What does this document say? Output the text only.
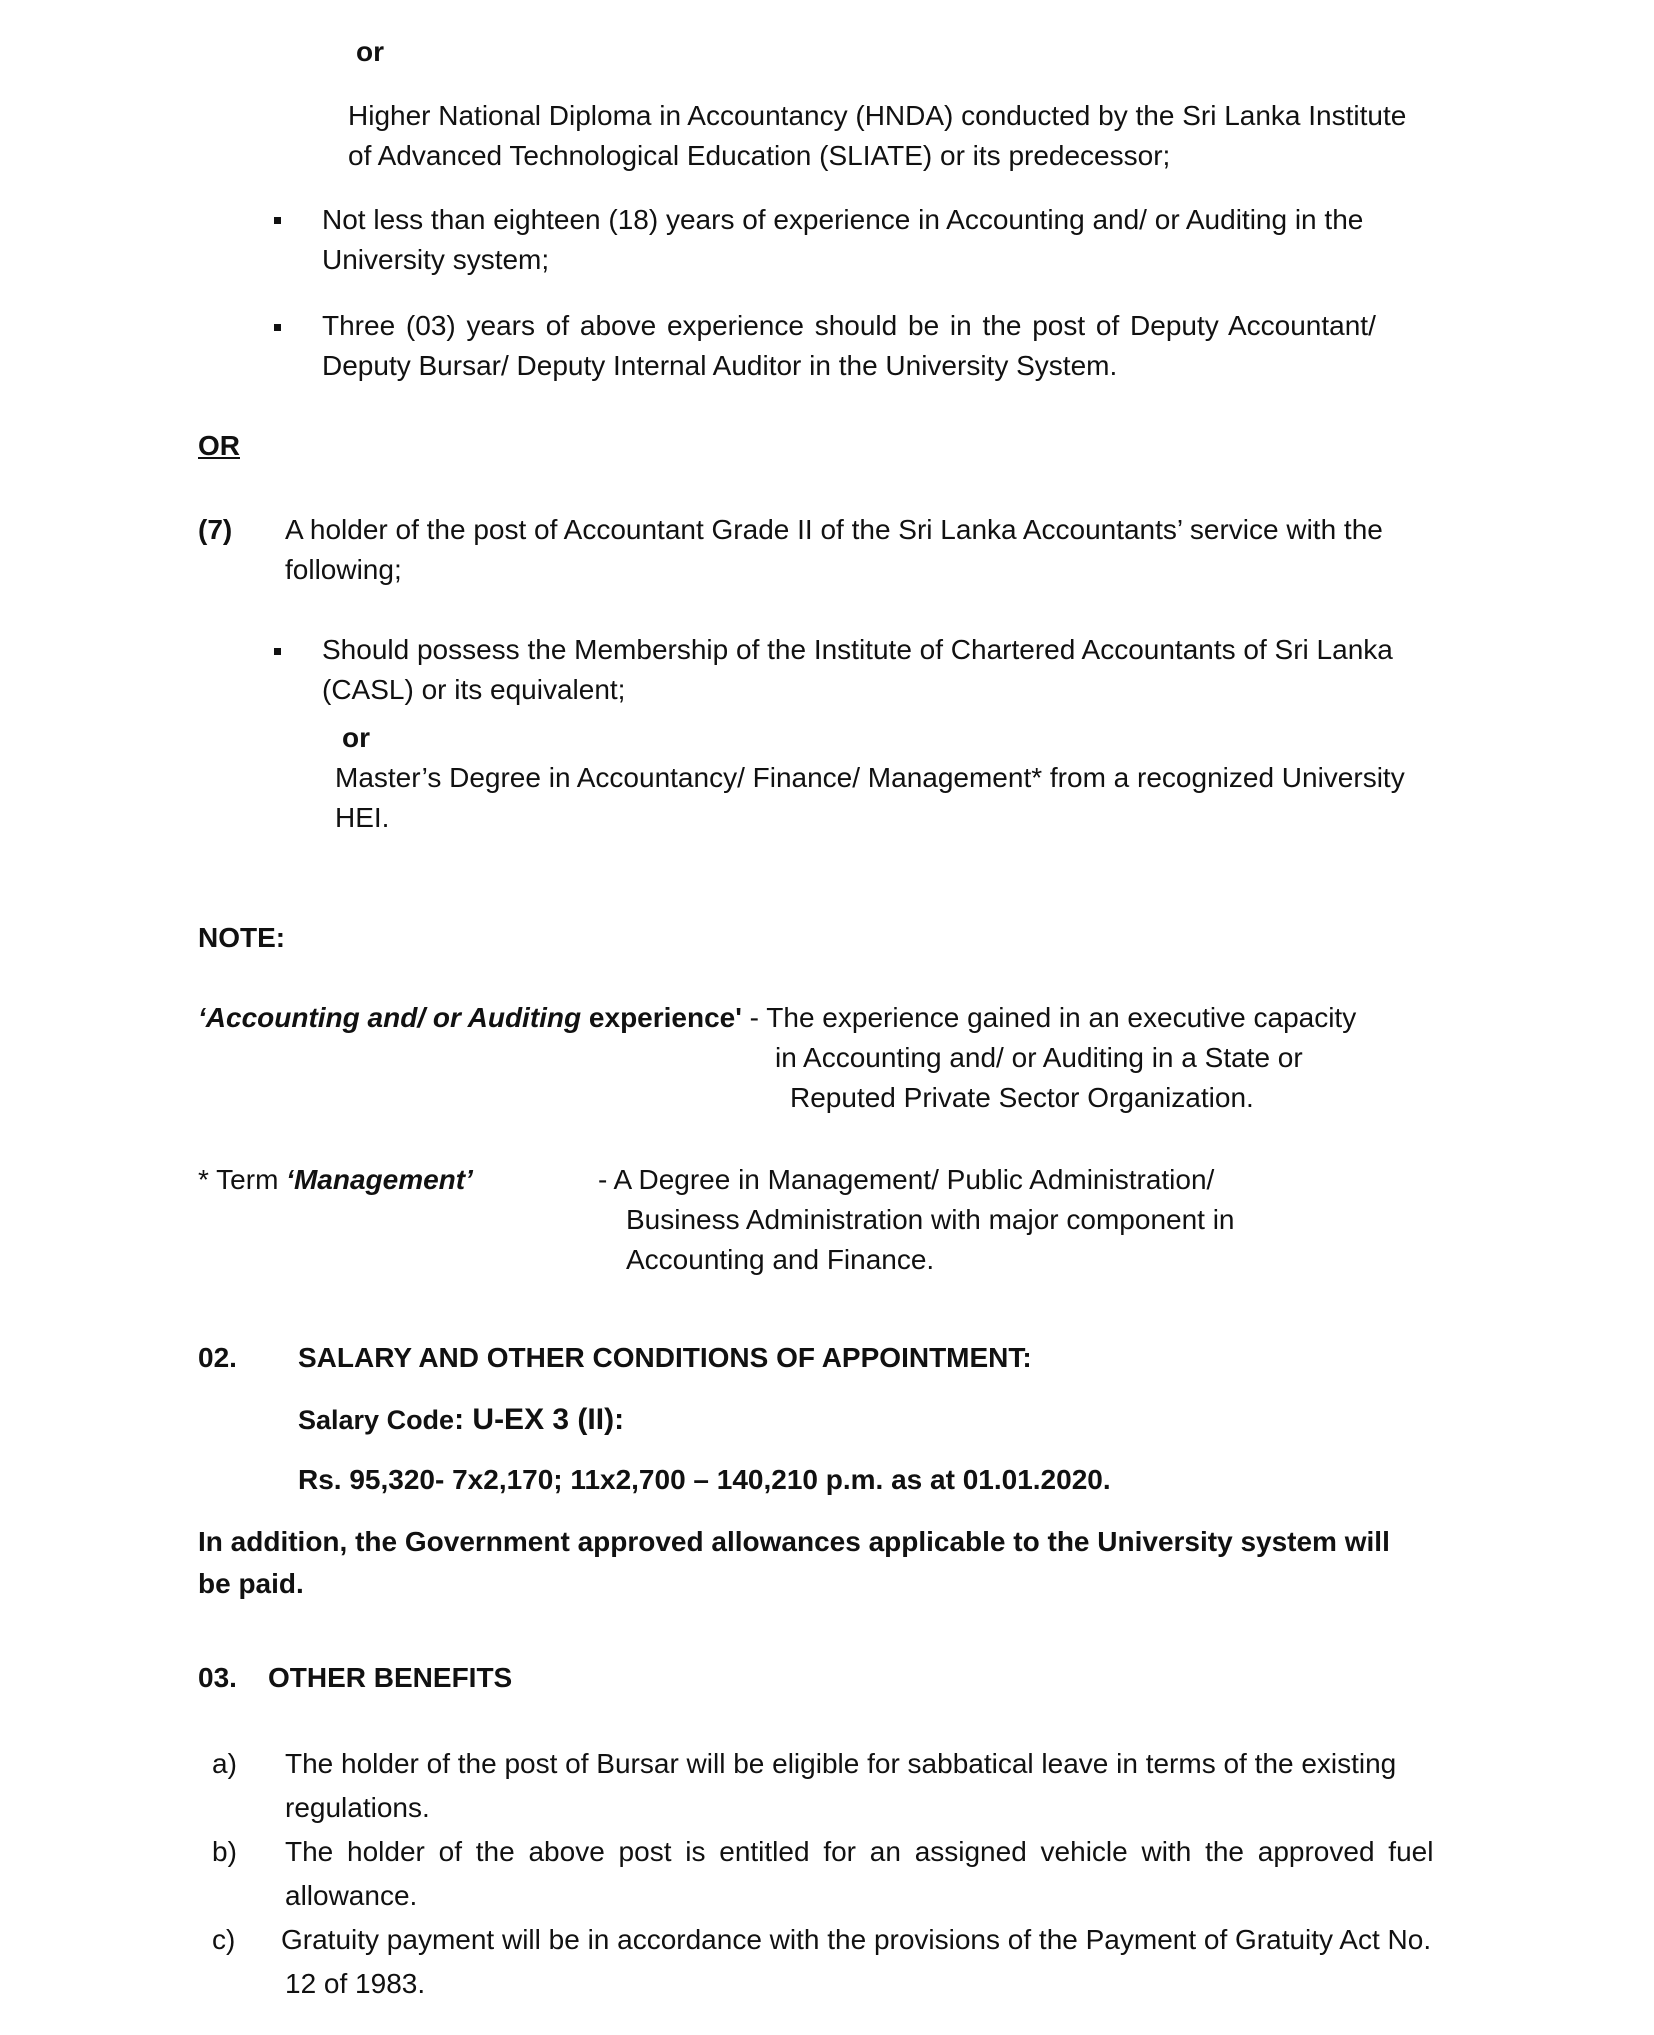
or
Higher National Diploma in Accountancy (HNDA) conducted by the Sri Lanka Institute
of Advanced Technological Education (SLIATE) or its predecessor;
Not less than eighteen (18) years of experience in Accounting and/ or Auditing in the
University system;
Three (03) years of above experience should be in the post of Deputy Accountant/
Deputy Bursar/ Deputy Internal Auditor in the University System.
OR
(7) A holder of the post of Accountant Grade II of the Sri Lanka Accountants’ service with the
following;
Should possess the Membership of the Institute of Chartered Accountants of Sri Lanka
(CASL) or its equivalent;
or
Master’s Degree in Accountancy/ Finance/ Management* from a recognized University
HEI.
NOTE:
‘Accounting and/ or Auditing experience' - The experience gained in an executive capacity
in Accounting and/ or Auditing in a State or
Reputed Private Sector Organization.
* Term ‘Management’	- A Degree in Management/ Public Administration/
Business Administration with major component in
Accounting and Finance.
02. SALARY AND OTHER CONDITIONS OF APPOINTMENT:
Salary Code: U-EX 3 (II):
Rs. 95,320- 7x2,170; 11x2,700 – 140,210 p.m. as at 01.01.2020.
In addition, the Government approved allowances applicable to the University system will
be paid.
03. OTHER BENEFITS
a) The holder of the post of Bursar will be eligible for sabbatical leave in terms of the existing
regulations.
b) The holder of the above post is entitled for an assigned vehicle with the approved fuel
allowance.
c) Gratuity payment will be in accordance with the provisions of the Payment of Gratuity Act No.
12 of 1983.
